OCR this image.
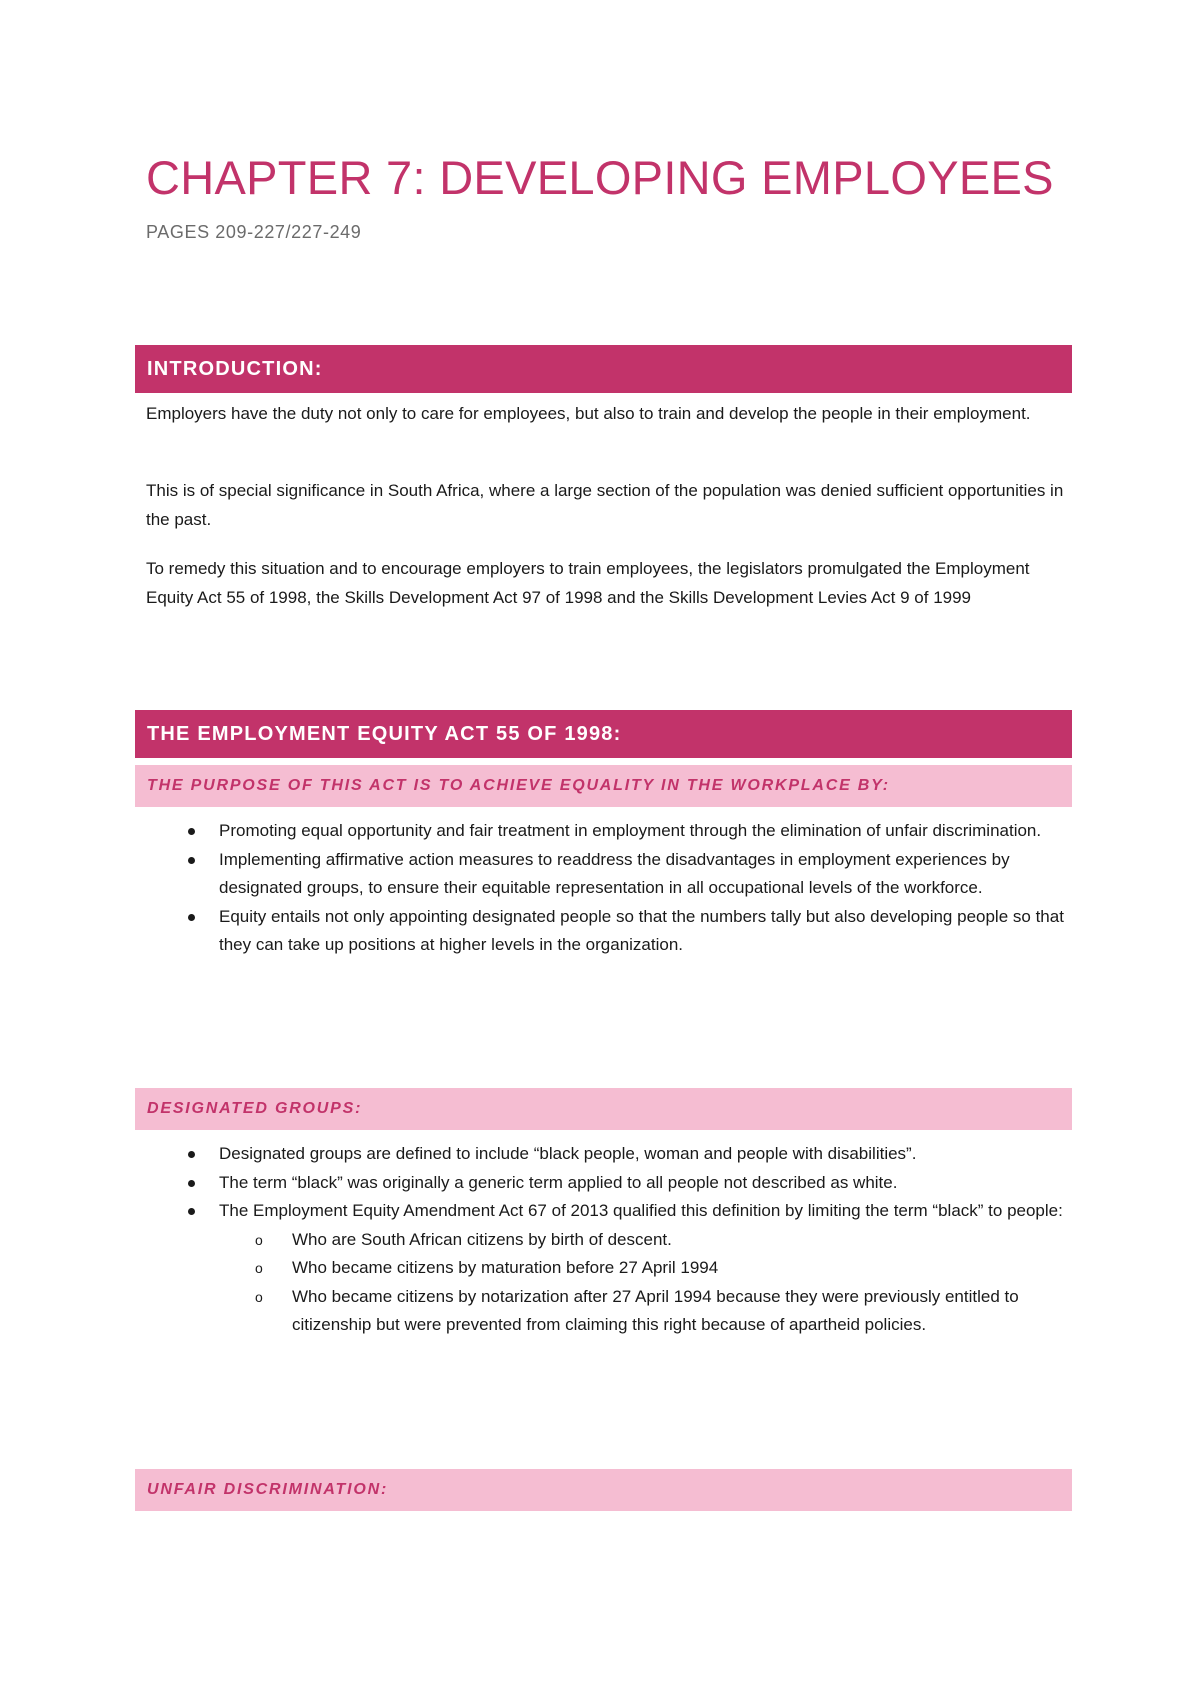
CHAPTER 7: DEVELOPING EMPLOYEES
PAGES 209-227/227-249
INTRODUCTION:

Employers have the duty not only to care for employees, but also to train and develop the people in their employment.

This is of special significance in South Africa, where a large section of the population was denied sufficient opportunities in the past.

To remedy this situation and to encourage employers to train employees, the legislators promulgated the Employment Equity Act 55 of 1998, the Skills Development Act 97 of 1998 and the Skills Development Levies Act 9 of 1999

THE EMPLOYMENT EQUITY ACT 55 OF 1998:
THE PURPOSE OF THIS ACT IS TO ACHIEVE EQUALITY IN THE WORKPLACE BY:
Promoting equal opportunity and fair treatment in employment through the elimination of unfair discrimination.
Implementing affirmative action measures to readdress the disadvantages in employment experiences by designated groups, to ensure their equitable representation in all occupational levels of the workforce.
Equity entails not only appointing designated people so that the numbers tally but also developing people so that they can take up positions at higher levels in the organization.
DESIGNATED GROUPS:
Designated groups are defined to include “black people, woman and people with disabilities”.
The term “black” was originally a generic term applied to all people not described as white.
The Employment Equity Amendment Act 67 of 2013 qualified this definition by limiting the term “black” to people:
o Who are South African citizens by birth of descent.
o Who became citizens by maturation before 27 April 1994
o Who became citizens by notarization after 27 April 1994 because they were previously entitled to citizenship but were prevented from claiming this right because of apartheid policies.
UNFAIR DISCRIMINATION:
